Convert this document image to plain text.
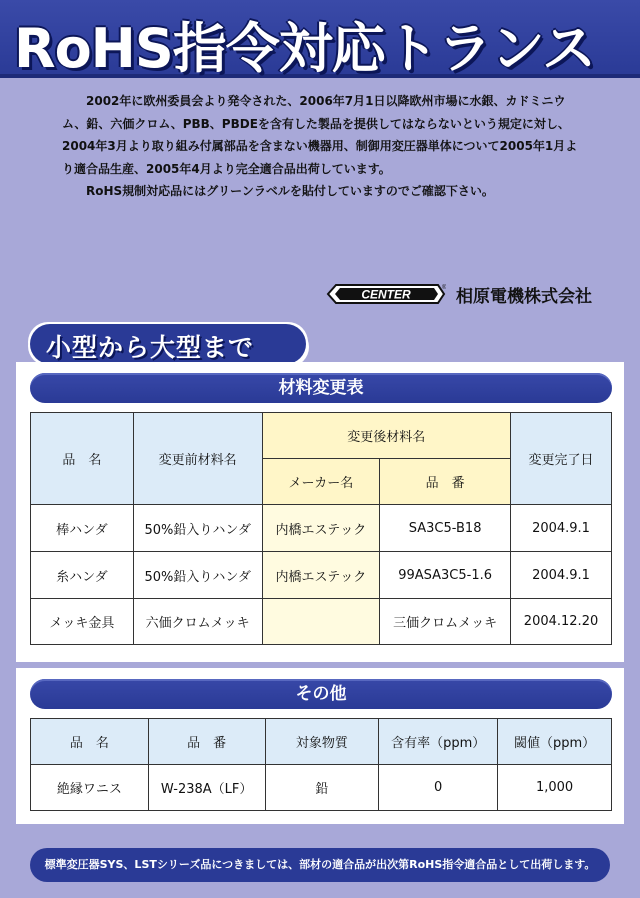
RoHS指令対応トランス

2002年に欧州委員会より発令された、2006年7月1日以降欧州市場に水銀、カドミニウム、鉛、六価クロム、PBB、PBDEを含有した製品を提供してはならないという規定に対し、2004年3月より取り組み付属部品を含まない機器用、制御用変圧器単体について2005年1月より適合品生産、2005年4月より完全適合品出荷しています。

RoHS規制対応品にはグリーンラベルを貼付していますのでご確認下さい。

CENTER	® 相原電機株式会社
小型から大型まで
材料変更表
品　名	変更前材料名	変更後材料名		変更完了日
		メーカー名	品　番	
棒ハンダ	50%鉛入りハンダ	内橋エステック	SA3C5-B18	2004.9.1
糸ハンダ	50%鉛入りハンダ	内橋エステック	99ASA3C5-1.6	2004.9.1
メッキ金具	六価クロムメッキ		三価クロムメッキ	2004.12.20
その他
品　名	品　番	対象物質	含有率（ppm）	閾値（ppm）
絶縁ワニス	W-238A（LF）	鉛	0	1,000
標準変圧器SYS、LSTシリーズ品につきましては、部材の適合品が出次第RoHS指令適合品として出荷します。
